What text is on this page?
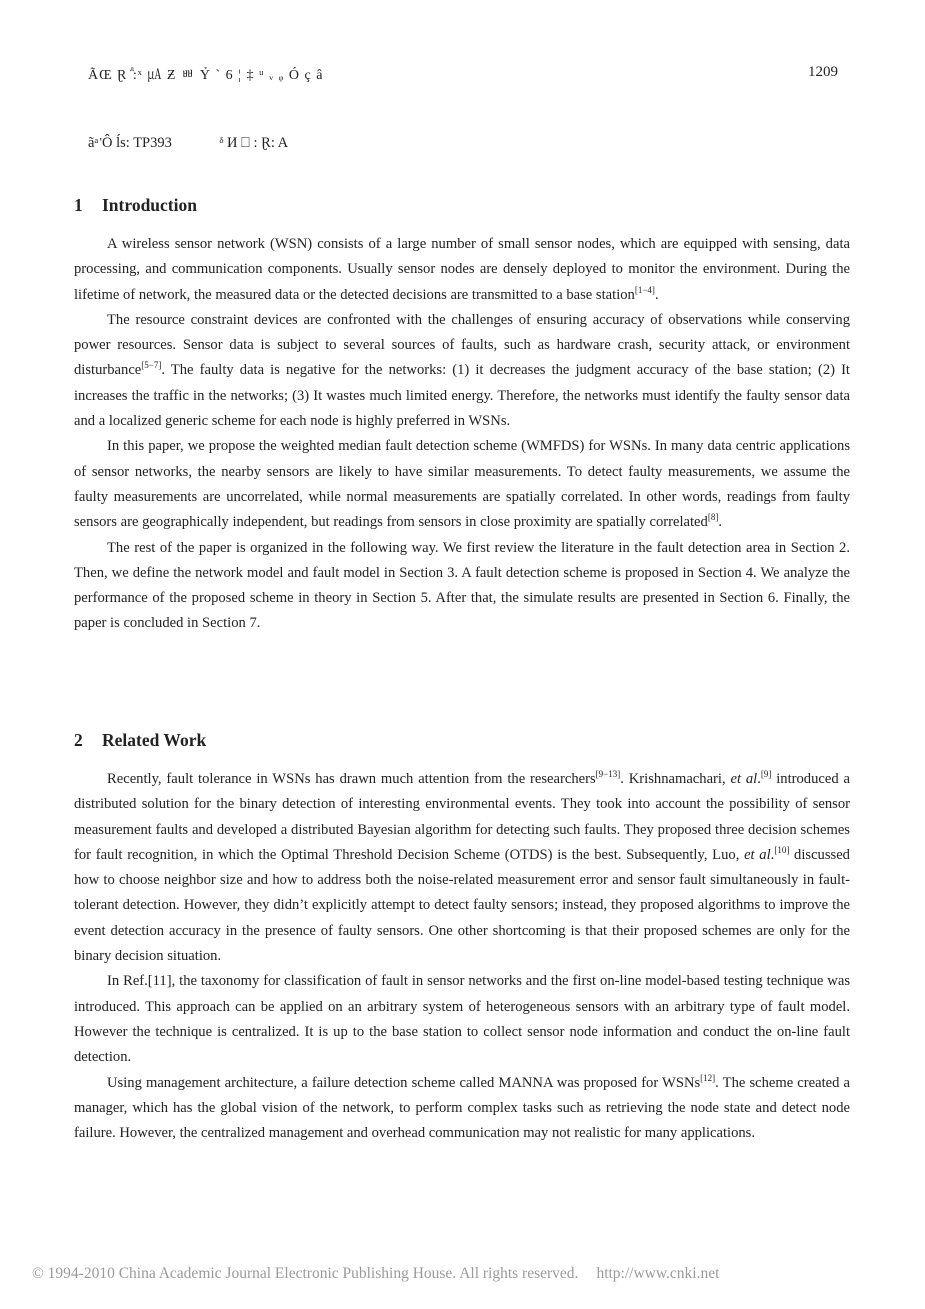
ÃŒ Ɽ ⷣ:ˣ ㎂ Ƶ ㅃ Ỷ ` 6 ¦ ‡ ᵘ ᵥ ᵩ Ó ç â	1209
ãᵃ ᡃÔ ĺs: TP393	ᵟ И ⎕ : Ɽ: A
1 Introduction

A wireless sensor network (WSN) consists of a large number of small sensor nodes, which are equipped with sensing, data processing, and communication components. Usually sensor nodes are densely deployed to monitor the environment. During the lifetime of network, the measured data or the detected decisions are transmitted to a base station[1−4].

The resource constraint devices are confronted with the challenges of ensuring accuracy of observations while conserving power resources. Sensor data is subject to several sources of faults, such as hardware crash, security attack, or environment disturbance[5−7]. The faulty data is negative for the networks: (1) it decreases the judgment accuracy of the base station; (2) It increases the traffic in the networks; (3) It wastes much limited energy. Therefore, the networks must identify the faulty sensor data and a localized generic scheme for each node is highly preferred in WSNs.

In this paper, we propose the weighted median fault detection scheme (WMFDS) for WSNs. In many data centric applications of sensor networks, the nearby sensors are likely to have similar measurements. To detect faulty measurements, we assume the faulty measurements are uncorrelated, while normal measurements are spatially correlated. In other words, readings from faulty sensors are geographically independent, but readings from sensors in close proximity are spatially correlated[8].

The rest of the paper is organized in the following way. We first review the literature in the fault detection area in Section 2. Then, we define the network model and fault model in Section 3. A fault detection scheme is proposed in Section 4. We analyze the performance of the proposed scheme in theory in Section 5. After that, the simulate results are presented in Section 6. Finally, the paper is concluded in Section 7.

2 Related Work

Recently, fault tolerance in WSNs has drawn much attention from the researchers[9−13]. Krishnamachari, et al.[9] introduced a distributed solution for the binary detection of interesting environmental events. They took into account the possibility of sensor measurement faults and developed a distributed Bayesian algorithm for detecting such faults. They proposed three decision schemes for fault recognition, in which the Optimal Threshold Decision Scheme (OTDS) is the best. Subsequently, Luo, et al.[10] discussed how to choose neighbor size and how to address both the noise-related measurement error and sensor fault simultaneously in fault-tolerant detection. However, they didn’t explicitly attempt to detect faulty sensors; instead, they proposed algorithms to improve the event detection accuracy in the presence of faulty sensors. One other shortcoming is that their proposed schemes are only for the binary decision situation.

In Ref.[11], the taxonomy for classification of fault in sensor networks and the first on-line model-based testing technique was introduced. This approach can be applied on an arbitrary system of heterogeneous sensors with an arbitrary type of fault model. However the technique is centralized. It is up to the base station to collect sensor node information and conduct the on-line fault detection.

Using management architecture, a failure detection scheme called MANNA was proposed for WSNs[12]. The scheme created a manager, which has the global vision of the network, to perform complex tasks such as retrieving the node state and detect node failure. However, the centralized management and overhead communication may not realistic for many applications.

© 1994-2010 China Academic Journal Electronic Publishing House. All rights reserved. http://www.cnki.net
